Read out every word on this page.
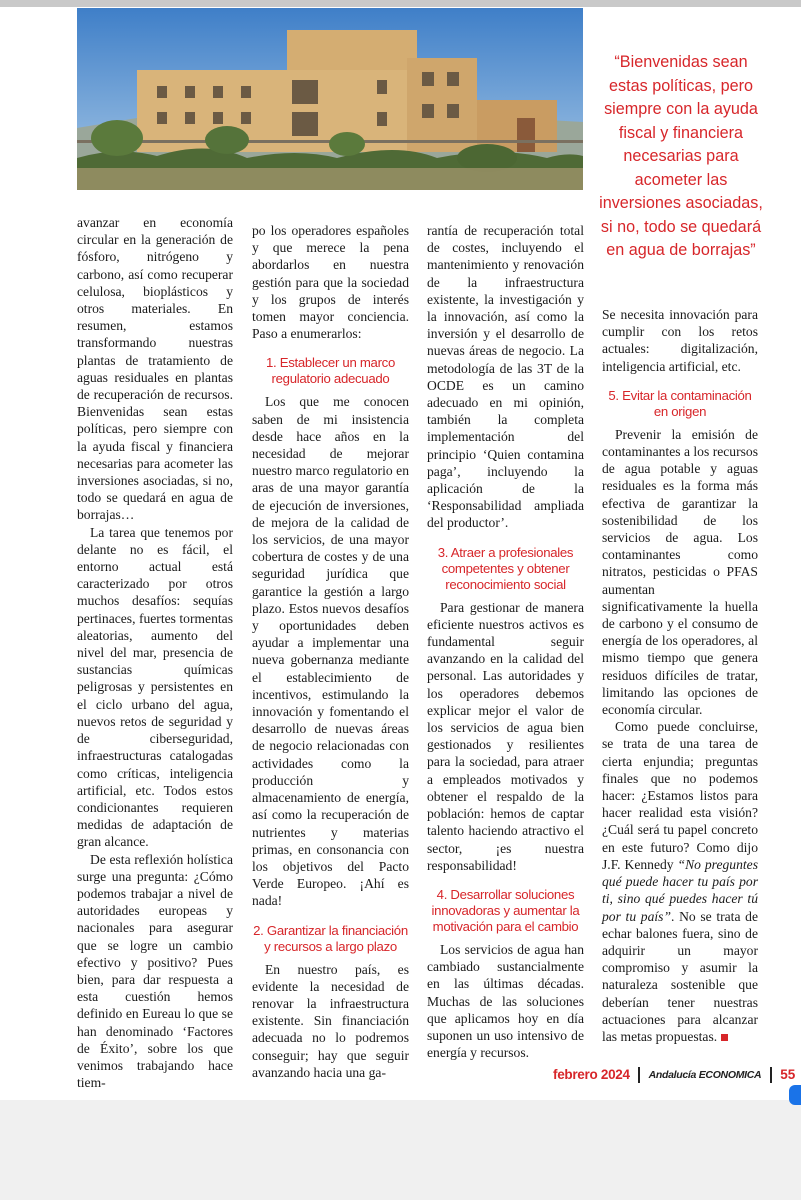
“Bienvenidas sean estas políticas, pero siempre con la ayuda fiscal y financiera necesarias para acometer las inversiones asociadas, si no, todo se quedará en agua de borrajas”

avanzar en economía circular en la generación de fósforo, nitrógeno y carbono, así como recuperar celulosa, bioplásticos y otros materiales. En resumen, estamos transformando nuestras plantas de tratamiento de aguas residuales en plantas de recuperación de recursos. Bienvenidas sean estas políticas, pero siempre con la ayuda fiscal y financiera necesarias para acometer las inversiones asociadas, si no, todo se quedará en agua de borrajas…

La tarea que tenemos por delante no es fácil, el entorno actual está caracterizado por otros muchos desafíos: sequías pertinaces, fuertes tormentas aleatorias, aumento del nivel del mar, presencia de sustancias químicas peligrosas y persistentes en el ciclo urbano del agua, nuevos retos de seguridad y de ciberseguridad, infraestructuras catalogadas como críticas, inteligencia artificial, etc. Todos estos condicionantes requieren medidas de adaptación de gran alcance.

De esta reflexión holística surge una pregunta: ¿Cómo podemos trabajar a nivel de autoridades europeas y nacionales para asegurar que se logre un cambio efectivo y positivo? Pues bien, para dar respuesta a esta cuestión hemos definido en Eureau lo que se han denominado ‘Factores de Éxito’, sobre los que venimos trabajando hace tiem-

po los operadores españoles y que merece la pena abordarlos en nuestra gestión para que la sociedad y los grupos de interés tomen mayor conciencia. Paso a enumerarlos:

1. Establecer un marco regulatorio adecuado

Los que me conocen saben de mi insistencia desde hace años en la necesidad de mejorar nuestro marco regulatorio en aras de una mayor garantía de ejecución de inversiones, de mejora de la calidad de los servicios, de una mayor cobertura de costes y de una seguridad jurídica que garantice la gestión a largo plazo. Estos nuevos desafíos y oportunidades deben ayudar a implementar una nueva gobernanza mediante el establecimiento de incentivos, estimulando la innovación y fomentando el desarrollo de nuevas áreas de negocio relacionadas con actividades como la producción y almacenamiento de energía, así como la recuperación de nutrientes y materias primas, en consonancia con los objetivos del Pacto Verde Europeo. ¡Ahí es nada!

2. Garantizar la financiación y recursos a largo plazo

En nuestro país, es evidente la necesidad de renovar la infraestructura existente. Sin financiación adecuada no lo podremos conseguir; hay que seguir avanzando hacia una ga-

rantía de recuperación total de costes, incluyendo el mantenimiento y renovación de la infraestructura existente, la investigación y la innovación, así como la inversión y el desarrollo de nuevas áreas de negocio. La metodología de las 3T de la OCDE es un camino adecuado en mi opinión, también la completa implementación del principio ‘Quien contamina paga’, incluyendo la aplicación de la ‘Responsabilidad ampliada del productor’.

3. Atraer a profesionales competentes y obtener reconocimiento social

Para gestionar de manera eficiente nuestros activos es fundamental seguir avanzando en la calidad del personal. Las autoridades y los operadores debemos explicar mejor el valor de los servicios de agua bien gestionados y resilientes para la sociedad, para atraer a empleados motivados y obtener el respaldo de la población: hemos de captar talento haciendo atractivo el sector, ¡es nuestra responsabilidad!

4. Desarrollar soluciones innovadoras y aumentar la motivación para el cambio

Los servicios de agua han cambiado sustancialmente en las últimas décadas. Muchas de las soluciones que aplicamos hoy en día suponen un uso intensivo de energía y recursos.

Se necesita innovación para cumplir con los retos actuales: digitalización, inteligencia artificial, etc.

5. Evitar la contaminación en origen

Prevenir la emisión de contaminantes a los recursos de agua potable y aguas residuales es la forma más efectiva de garantizar la sostenibilidad de los servicios de agua. Los contaminantes como nitratos, pesticidas o PFAS aumentan significativamente la huella de carbono y el consumo de energía de los operadores, al mismo tiempo que genera residuos difíciles de tratar, limitando las opciones de economía circular.

Como puede concluirse, se trata de una tarea de cierta enjundia; preguntas finales que no podemos hacer: ¿Estamos listos para hacer realidad esta visión? ¿Cuál será tu papel concreto en este futuro? Como dijo J.F. Kennedy “No preguntes qué puede hacer tu país por ti, sino qué puedes hacer tú por tu país”. No se trata de echar balones fuera, sino de adquirir un mayor compromiso y asumir la naturaleza sostenible que deberían tener nuestras actuaciones para alcanzar las metas propuestas.

febrero 2024 Andalucía ECONOMICA 55
